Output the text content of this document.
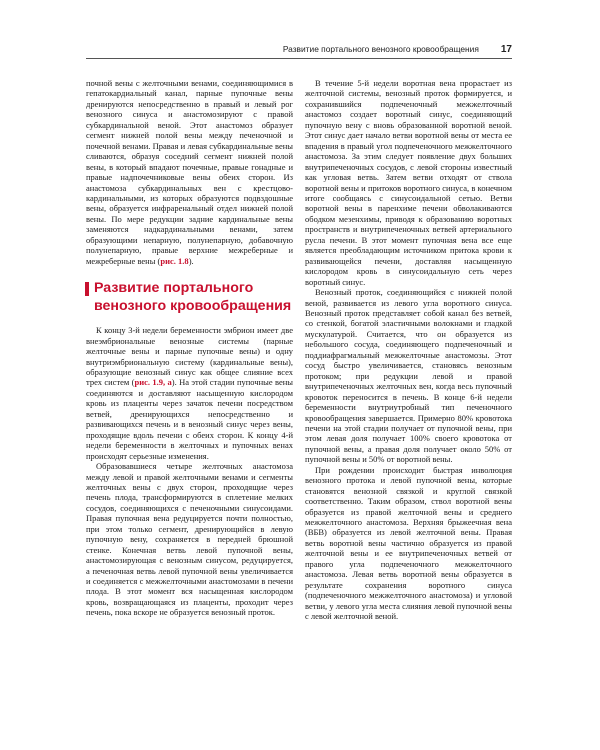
Развитие портального венозного кровообращения 17

почной вены с желточными венами, соединяющимися в гепатокардиальный канал, парные пупочные вены дренируются непосредственно в правый и левый рог венозного синуса и анастомозируют с правой субкардинальной веной. Этот анастомоз образует сегмент нижней полой вены между печеночной и почечной венами. Правая и левая субкардинальные вены сливаются, образуя соседний сегмент нижней полой вены, в который впадают почечные, правые гонадные и правые надпочечниковые вены обеих сторон. Из анастомоза субкардинальных вен с крестцово-кардинальными, из которых образуются подвздошные вены, образуется инфраренальный отдел нижней полой вены. По мере редукции задние кардинальные вены заменяются надкардинальными венами, затем образующими непарную, полунепарную, добавочную полунепарную, правые верхние межреберные и межреберные вены (рис. 1.8).

Развитие портального венозного кровообращения

К концу 3-й недели беременности эмбрион имеет две внеэмбриональные венозные системы (парные желточные вены и парные пупочные вены) и одну внутриэмбриональную систему (кардинальные вены), образующие венозный синус как общее слияние всех трех систем (рис. 1.9, а). На этой стадии пупочные вены соединяются и доставляют насыщенную кислородом кровь из плаценты через зачаток печени посредством ветвей, дренирующихся непосредственно и развивающихся печень и в венозный синус через вены, проходящие вдоль печени с обеих сторон. К концу 4-й недели беременности в желточных и пупочных венах происходят серьезные изменения.

Образовавшиеся четыре желточных анастомоза между левой и правой желточными венами и сегменты желточных вены с двух сторон, проходящие через печень плода, трансформируются в сплетение мелких сосудов, соединяющихся с печеночными синусоидами. Правая пупочная вена редуцируется почти полностью, при этом только сегмент, дренирующийся в левую пупочную вену, сохраняется в передней брюшной стенке. Конечная ветвь левой пупочной вены, анастомозирующая с венозным синусом, редуцируется, а печеночная ветвь левой пупочной вены увеличивается и соединяется с межжелточными анастомозами в печени плода. В этот момент вся насыщенная кислородом кровь, возвращающаяся из плаценты, проходит через печень, пока вскоре не образуется венозный проток.

В течение 5-й недели воротная вена прорастает из желточной системы, венозный проток формируется, и сохранившийся подпеченочный межжелточный анастомоз создает воротный синус, соединяющий пупочную вену с вновь образованной воротной веной. Этот синус дает начало ветви воротной вены от места ее впадения в правый угол подпеченочного межжелточного анастомоза. За этим следует появление двух больших внутрипеченочных сосудов, с левой стороны известный как угловая ветвь. Затем ветви отходят от ствола воротной вены и притоков воротного синуса, в конечном итоге сообщаясь с синусоидальной сетью. Ветви воротной вены в паренхиме печени обволакиваются ободком мезенхимы, приводя к образованию воротных пространств и внутрипеченочных ветвей артериального русла печени. В этот момент пупочная вена все еще является преобладающим источником притока крови к развивающейся печени, доставляя насыщенную кислородом кровь в синусоидальную сеть через воротный синус.

Венозный проток, соединяющийся с нижней полой веной, развивается из левого угла воротного синуса. Венозный проток представляет собой канал без ветвей, со стенкой, богатой эластичными волокнами и гладкой мускулатурой. Считается, что он образуется из небольшого сосуда, соединяющего подпеченочный и поддиафрагмальный межжелточные анастомозы. Этот сосуд быстро увеличивается, становясь венозным протоком; при редукции левой и правой внутрипеченочных желточных вен, когда весь пупочный кровоток переносится в печень. В конце 6-й недели беременности внутриутробный тип печеночного кровообращения завершается. Примерно 80% кровотока печени на этой стадии получает от пупочной вены, при этом левая доля получает 100% своего кровотока от пупочной вены, а правая доля получает около 50% от пупочной вены и 50% от воротной вены.

При рождении происходит быстрая инволюция венозного протока и левой пупочной вены, которые становятся венозной связкой и круглой связкой соответственно. Таким образом, ствол воротной вены образуется из правой желточной вены и среднего межжелточного анастомоза. Верхняя брыжеечная вена (ВБВ) образуется из левой желточной вены. Правая ветвь воротной вены частично образуется из правой желточной вены и ее внутрипеченочных ветвей от правого угла подпеченочного межжелточного анастомоза. Левая ветвь воротной вены образуется в результате сохранения воротного синуса (подпеченочного межжелточного анастомоза) и угловой ветви, у левого угла места слияния левой пупочной вены с левой желточной веной.
